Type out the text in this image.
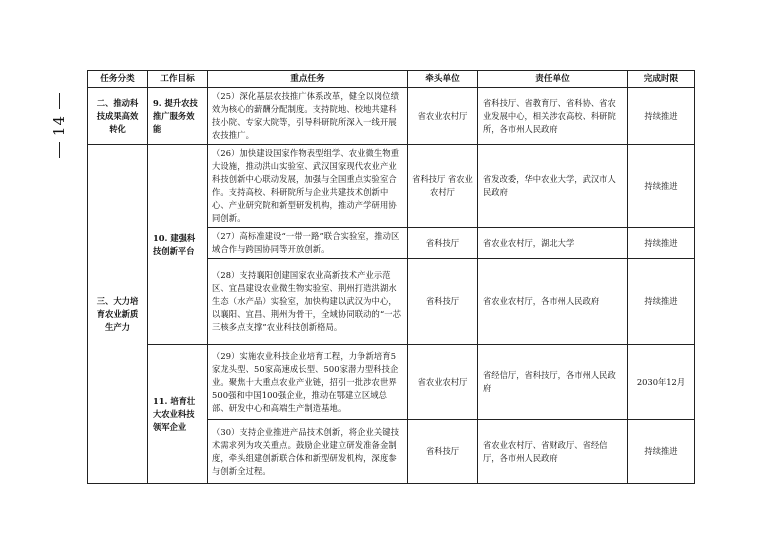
14
任务分类	工作目标	重点任务	牵头单位	责任单位	完成时限
二、推动科技成果高效转化	9. 提升农技推广服务效能	（25）深化基层农技推广体系改革，健全以岗位绩效为核心的薪酬分配制度。支持院地、校地共建科技小院、专家大院等，引导科研院所深入一线开展农技推广。	省农业农村厅	省科技厅、省教育厅、省科协、省农业发展中心，相关涉农高校、科研院所，各市州人民政府	持续推进
三、大力培育农业新质生产力	10. 建强科技创新平台	（26）加快建设国家作物表型组学、农业微生物重大设施，推动洪山实验室、武汉国家现代农业产业科技创新中心联动发展，加强与全国重点实验室合作。支持高校、科研院所与企业共建技术创新中心、产业研究院和新型研发机构，推动产学研用协同创新。	省科技厅 省农业农村厅	省发改委，华中农业大学，武汉市人民政府	持续推进
		（27）高标准建设“一带一路”联合实验室，推动区域合作与跨国协同等开放创新。	省科技厅	省农业农村厅，湖北大学	持续推进
		（28）支持襄阳创建国家农业高新技术产业示范区、宜昌建设农业微生物实验室、荆州打造洪湖水生态（水产品）实验室，加快构建以武汉为中心，以襄阳、宜昌、荆州为骨干，全域协同联动的“一芯三核多点支撑”农业科技创新格局。	省科技厅	省农业农村厅，各市州人民政府	持续推进
	11. 培育壮大农业科技领军企业	（29）实施农业科技企业培育工程，力争新培育5家龙头型、50家高速成长型、500家潜力型科技企业。聚焦十大重点农业产业链，招引一批涉农世界500强和中国100强企业，推动在鄂建立区域总部、研发中心和高端生产制造基地。	省农业农村厅	省经信厅，省科技厅，各市州人民政府	2030年12月
		（30）支持企业推进产品技术创新，将企业关键技术需求列为攻关重点。鼓励企业建立研发准备金制度，牵头组建创新联合体和新型研发机构，深度参与创新全过程。	省科技厅	省农业农村厅、省财政厅、省经信厅，各市州人民政府	持续推进
